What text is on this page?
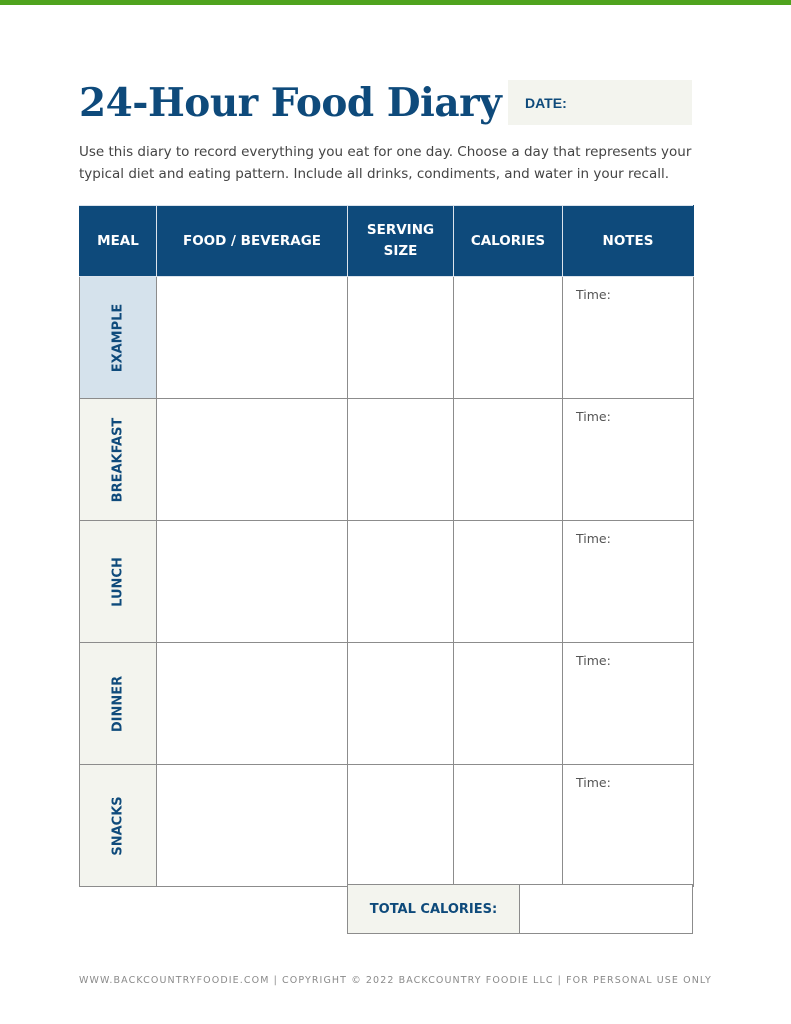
24-Hour Food Diary DATE:

Use this diary to record everything you eat for one day. Choose a day that represents your typical diet and eating pattern. Include all drinks, condiments, and water in your recall.

MEAL	FOOD / BEVERAGE	SERVING SIZE	CALORIES	NOTES

EXAMPLE				Time:

BREAKFAST				Time:

LUNCH				Time:

DINNER				Time:

SNACKS				Time:
TOTAL CALORIES:
WWW.BACKCOUNTRYFOODIE.COM | COPYRIGHT © 2022 BACKCOUNTRY FOODIE LLC | FOR PERSONAL USE ONLY
